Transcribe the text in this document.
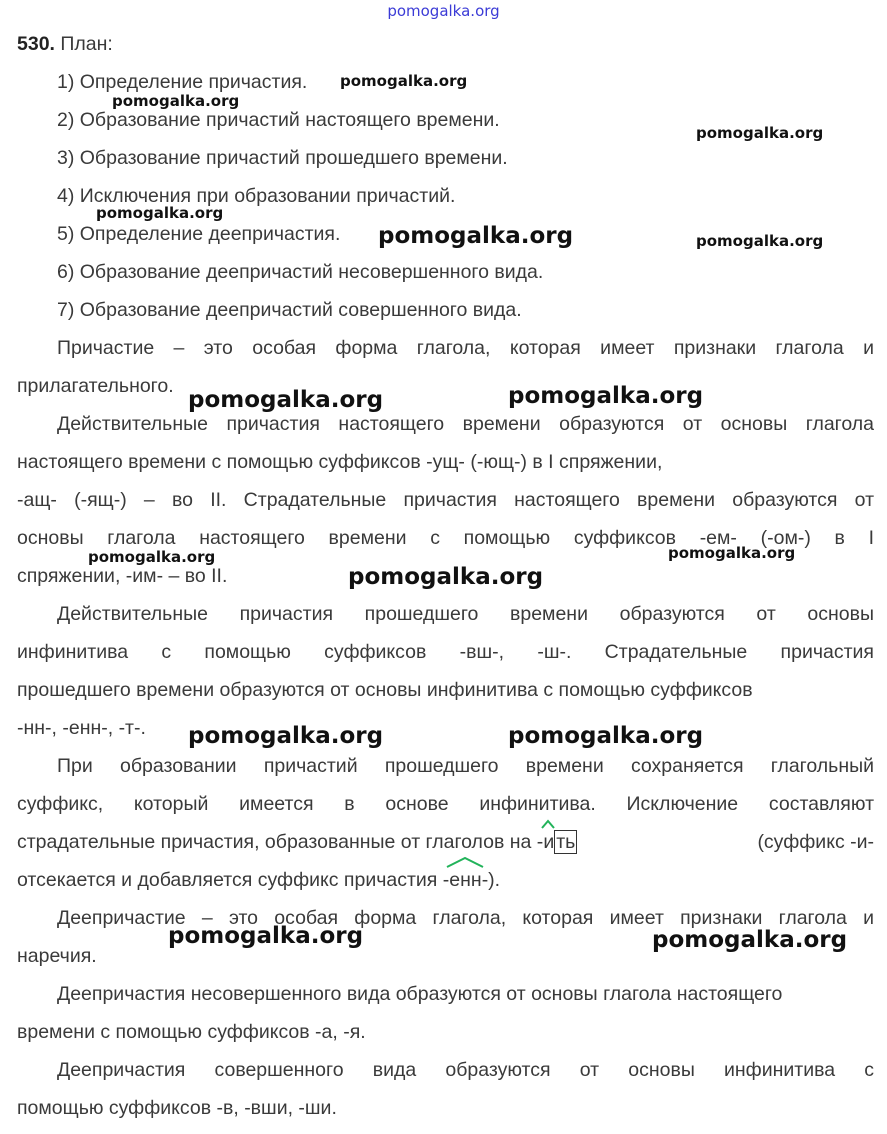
pomogalka.org
530. План:
1) Определение причастия.
2) Образование причастий настоящего времени.
3) Образование причастий прошедшего времени.
4) Исключения при образовании причастий.
5) Определение деепричастия.
6) Образование деепричастий несовершенного вида.
7) Образование деепричастий совершенного вида.
Причастие – это особая форма глагола, которая имеет признаки глагола и
прилагательного.
Действительные причастия настоящего времени образуются от основы глагола
настоящего времени с помощью суффиксов -ущ- (-ющ-) в I спряжении,
-ащ- (-ящ-) – во II. Страдательные причастия настоящего времени образуются от
основы глагола настоящего времени с помощью суффиксов -ем- (-ом-) в I
спряжении, -им- – во II.
Действительные причастия прошедшего времени образуются от основы
инфинитива с помощью суффиксов -вш-, -ш-. Страдательные причастия
прошедшего времени образуются от основы инфинитива с помощью суффиксов
-нн-, -енн-, -т-.
При образовании причастий прошедшего времени сохраняется глагольный
суффикс, который имеется в основе инфинитива. Исключение составляют
страдательные причастия, образованные от глаголов на - и ть	(суффикс -и-
отсекается и добавляется суффикс причастия -енн
-).
Деепричастие – это особая форма глагола, которая имеет признаки глагола и
наречия.
Деепричастия несовершенного вида образуются от основы глагола настоящего
времени с помощью суффиксов -а, -я.
Деепричастия совершенного вида образуются от основы инфинитива с
помощью суффиксов -в, -вши, -ши.
pomogalka.org
pomogalka.org
pomogalka.org
pomogalka.org
pomogalka.org	pomogalka.org
pomogalka.org	pomogalka.org
pomogalka.org	pomogalka.org
pomogalka.org
pomogalka.org	pomogalka.org
pomogalka.org	pomogalka.org
